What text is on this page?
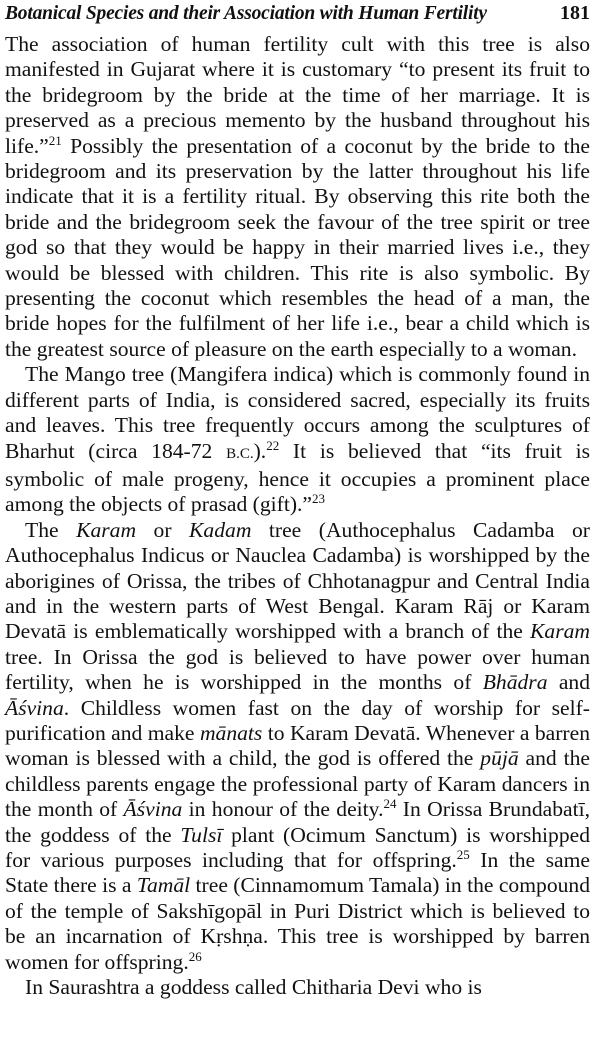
Botanical Species and their Association with Human Fertility	181

The association of human fertility cult with this tree is also manifested in Gujarat where it is customary “to present its fruit to the bridegroom by the bride at the time of her marriage. It is preserved as a precious memento by the husband throughout his life.”$^{21}$ Possibly the presentation of a coconut by the bride to the bridegroom and its preservation by the latter throughout his life indicate that it is a fertility ritual. By observing this rite both the bride and the bridegroom seek the favour of the tree spirit or tree god so that they would be happy in their married lives i.e., they would be blessed with children. This rite is also symbolic. By presenting the coconut which resembles the head of a man, the bride hopes for the fulfilment of her life i.e., bear a child which is the greatest source of pleasure on the earth especially to a woman.

The Mango tree (Mangifera indica) which is commonly found in different parts of India, is considered sacred, especially its fruits and leaves. This tree frequently occurs among the sculptures of Bharhut (circa 184-72 B.C.).$^{22}$ It is believed that “its fruit is symbolic of male progeny, hence it occupies a prominent place among the objects of prasad (gift).”$^{23}$

The Karam or Kadam tree (Authocephalus Cadamba or Authocephalus Indicus or Nauclea Cadamba) is worshipped by the aborigines of Orissa, the tribes of Chhotanagpur and Central India and in the western parts of West Bengal. Karam Rāj or Karam Devatā is emblematically worshipped with a branch of the Karam tree. In Orissa the god is believed to have power over human fertility, when he is worshipped in the months of Bhādra and Āśvina. Childless women fast on the day of worship for self-purification and make mānats to Karam Devatā. Whenever a barren woman is blessed with a child, the god is offered the pūjā and the childless parents engage the professional party of Karam dancers in the month of Āśvina in honour of the deity.$^{24}$ In Orissa Brundabatī, the goddess of the Tulsī plant (Ocimum Sanctum) is worshipped for various purposes including that for offspring.$^{25}$ In the same State there is a Tamāl tree (Cinnamomum Tamala) in the compound of the temple of Sakshīgopāl in Puri District which is believed to be an incarnation of Kṛshṇa. This tree is worshipped by barren women for offspring.$^{26}$

In Saurashtra a goddess called Chitharia Devi who is
